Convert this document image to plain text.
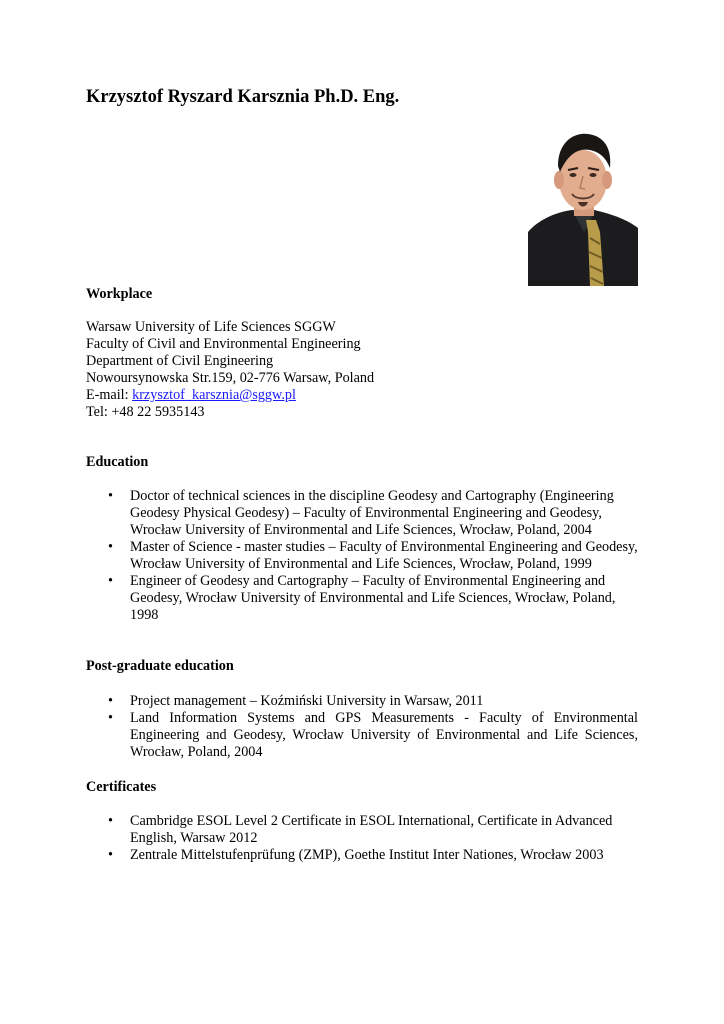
Krzysztof Ryszard Karsznia Ph.D. Eng.
Workplace
Warsaw University of Life Sciences SGGW
Faculty of Civil and Environmental Engineering
Department of Civil Engineering
Nowoursynowska Str.159, 02-776 Warsaw, Poland
E-mail: krzysztof_karsznia@sggw.pl
Tel: +48 22 5935143
Education
• Doctor of technical sciences in the discipline Geodesy and Cartography (Engineering Geodesy Physical Geodesy) – Faculty of Environmental Engineering and Geodesy, Wrocław University of Environmental and Life Sciences, Wrocław, Poland, 2004
• Master of Science - master studies – Faculty of Environmental Engineering and Geodesy, Wrocław University of Environmental and Life Sciences, Wrocław, Poland, 1999
• Engineer of Geodesy and Cartography – Faculty of Environmental Engineering and Geodesy, Wrocław University of Environmental and Life Sciences, Wrocław, Poland, 1998
Post-graduate education
• Project management – Koźmiński University in Warsaw, 2011
• Land Information Systems and GPS Measurements - Faculty of Environmental Engineering and Geodesy, Wrocław University of Environmental and Life Sciences, Wrocław, Poland, 2004
Certificates
• Cambridge ESOL Level 2 Certificate in ESOL International, Certificate in Advanced English, Warsaw 2012
• Zentrale Mittelstufenprüfung (ZMP), Goethe Institut Inter Nationes, Wrocław 2003
